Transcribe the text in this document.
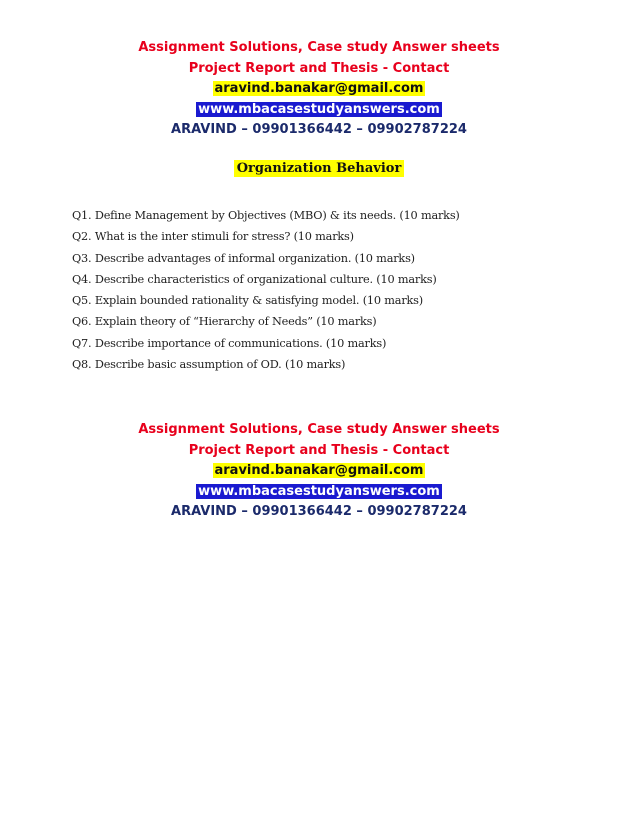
Assignment Solutions, Case study Answer sheets
Project Report and Thesis - Contact
aravind.banakar@gmail.com
www.mbacasestudyanswers.com
ARAVIND – 09901366442 – 09902787224
Organization Behavior
Q1. Define Management by Objectives (MBO) & its needs. (10 marks)
Q2. What is the inter stimuli for stress? (10 marks)
Q3. Describe advantages of informal organization. (10 marks)
Q4. Describe characteristics of organizational culture. (10 marks)
Q5. Explain bounded rationality & satisfying model. (10 marks)
Q6. Explain theory of “Hierarchy of Needs” (10 marks)
Q7. Describe importance of communications. (10 marks)
Q8. Describe basic assumption of OD. (10 marks)
Assignment Solutions, Case study Answer sheets
Project Report and Thesis - Contact
aravind.banakar@gmail.com
www.mbacasestudyanswers.com
ARAVIND – 09901366442 – 09902787224
